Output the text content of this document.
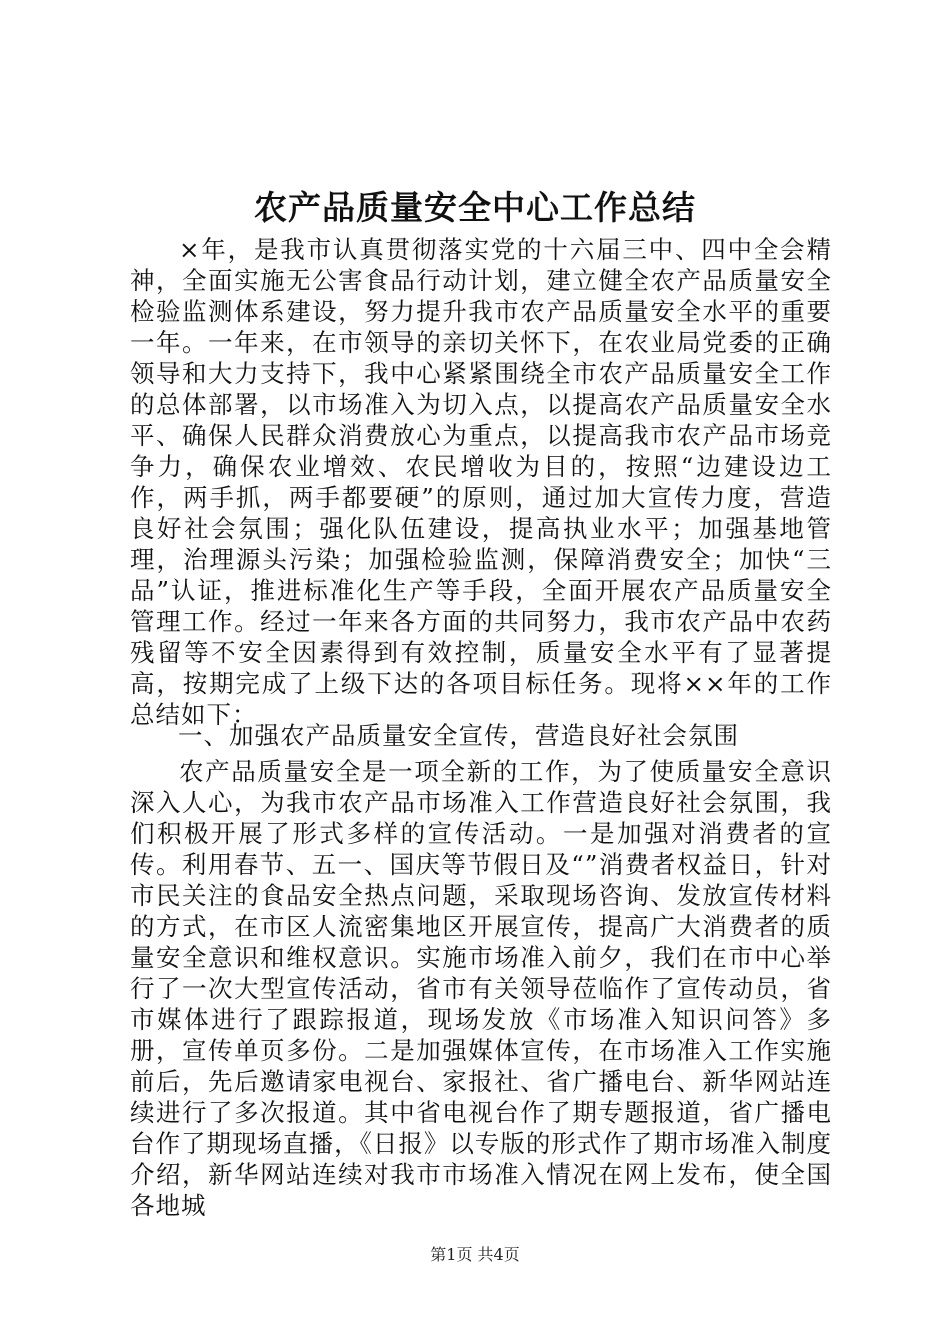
农产品质量安全中心工作总结

×年，是我市认真贯彻落实党的十六届三中、四中全会精神，全面实施无公害食品行动计划，建立健全农产品质量安全检验监测体系建设，努力提升我市农产品质量安全水平的重要一年。一年来，在市领导的亲切关怀下，在农业局党委的正确领导和大力支持下，我中心紧紧围绕全市农产品质量安全工作的总体部署，以市场准入为切入点，以提高农产品质量安全水平、确保人民群众消费放心为重点，以提高我市农产品市场竞争力，确保农业增效、农民增收为目的，按照“边建设边工作，两手抓，两手都要硬”的原则，通过加大宣传力度，营造良好社会氛围；强化队伍建设，提高执业水平；加强基地管理，治理源头污染；加强检验监测，保障消费安全；加快“三品”认证，推进标准化生产等手段，全面开展农产品质量安全管理工作。经过一年来各方面的共同努力，我市农产品中农药残留等不安全因素得到有效控制，质量安全水平有了显著提高，按期完成了上级下达的各项目标任务。现将××年的工作总结如下：

一、加强农产品质量安全宣传，营造良好社会氛围

农产品质量安全是一项全新的工作，为了使质量安全意识深入人心，为我市农产品市场准入工作营造良好社会氛围，我们积极开展了形式多样的宣传活动。一是加强对消费者的宣传。利用春节、五一、国庆等节假日及“”消费者权益日，针对市民关注的食品安全热点问题，采取现场咨询、发放宣传材料的方式，在市区人流密集地区开展宣传，提高广大消费者的质量安全意识和维权意识。实施市场准入前夕，我们在市中心举行了一次大型宣传活动，省市有关领导莅临作了宣传动员，省市媒体进行了跟踪报道，现场发放《市场准入知识问答》多册，宣传单页多份。二是加强媒体宣传，在市场准入工作实施前后，先后邀请家电视台、家报社、省广播电台、新华网站连续进行了多次报道。其中省电视台作了期专题报道，省广播电台作了期现场直播，《日报》以专版的形式作了期市场准入制度介绍，新华网站连续对我市市场准入情况在网上发布，使全国各地城

第1页 共4页
